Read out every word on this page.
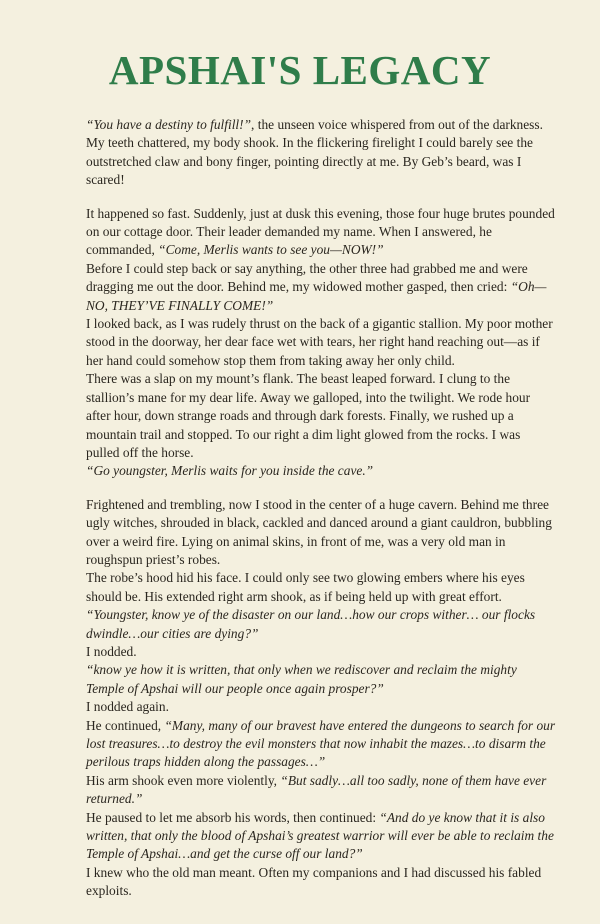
APSHAI'S LEGACY

“You have a destiny to fulfill!”, the unseen voice whispered from out of the darkness.

My teeth chattered, my body shook. In the flickering firelight I could barely see the outstretched claw and bony finger, pointing directly at me. By Geb’s beard, was I scared!

It happened so fast. Suddenly, just at dusk this evening, those four huge brutes pounded on our cottage door. Their leader demanded my name. When I answered, he commanded, “Come, Merlis wants to see you—NOW!”

Before I could step back or say anything, the other three had grabbed me and were dragging me out the door. Behind me, my widowed mother gasped, then cried: “Oh—NO, THEY’VE FINALLY COME!”

I looked back, as I was rudely thrust on the back of a gigantic stallion. My poor mother stood in the doorway, her dear face wet with tears, her right hand reaching out—as if her hand could somehow stop them from taking away her only child.

There was a slap on my mount’s flank. The beast leaped forward. I clung to the stallion’s mane for my dear life. Away we galloped, into the twilight. We rode hour after hour, down strange roads and through dark forests. Finally, we rushed up a mountain trail and stopped. To our right a dim light glowed from the rocks. I was pulled off the horse.

“Go youngster, Merlis waits for you inside the cave.”

Frightened and trembling, now I stood in the center of a huge cavern. Behind me three ugly witches, shrouded in black, cackled and danced around a giant cauldron, bubbling over a weird fire. Lying on animal skins, in front of me, was a very old man in roughspun priest’s robes.

The robe’s hood hid his face. I could only see two glowing embers where his eyes should be. His extended right arm shook, as if being held up with great effort.

“Youngster, know ye of the disaster on our land…how our crops wither… our flocks dwindle…our cities are dying?”

I nodded.

“know ye how it is written, that only when we rediscover and reclaim the mighty Temple of Apshai will our people once again prosper?”

I nodded again.

He continued, “Many, many of our bravest have entered the dungeons to search for our lost treasures…to destroy the evil monsters that now inhabit the mazes…to disarm the perilous traps hidden along the passages…”

His arm shook even more violently, “But sadly…all too sadly, none of them have ever returned.”

He paused to let me absorb his words, then continued: “And do ye know that it is also written, that only the blood of Apshai’s greatest warrior will ever be able to reclaim the Temple of Apshai…and get the curse off our land?”

I knew who the old man meant. Often my companions and I had discussed his fabled exploits.
